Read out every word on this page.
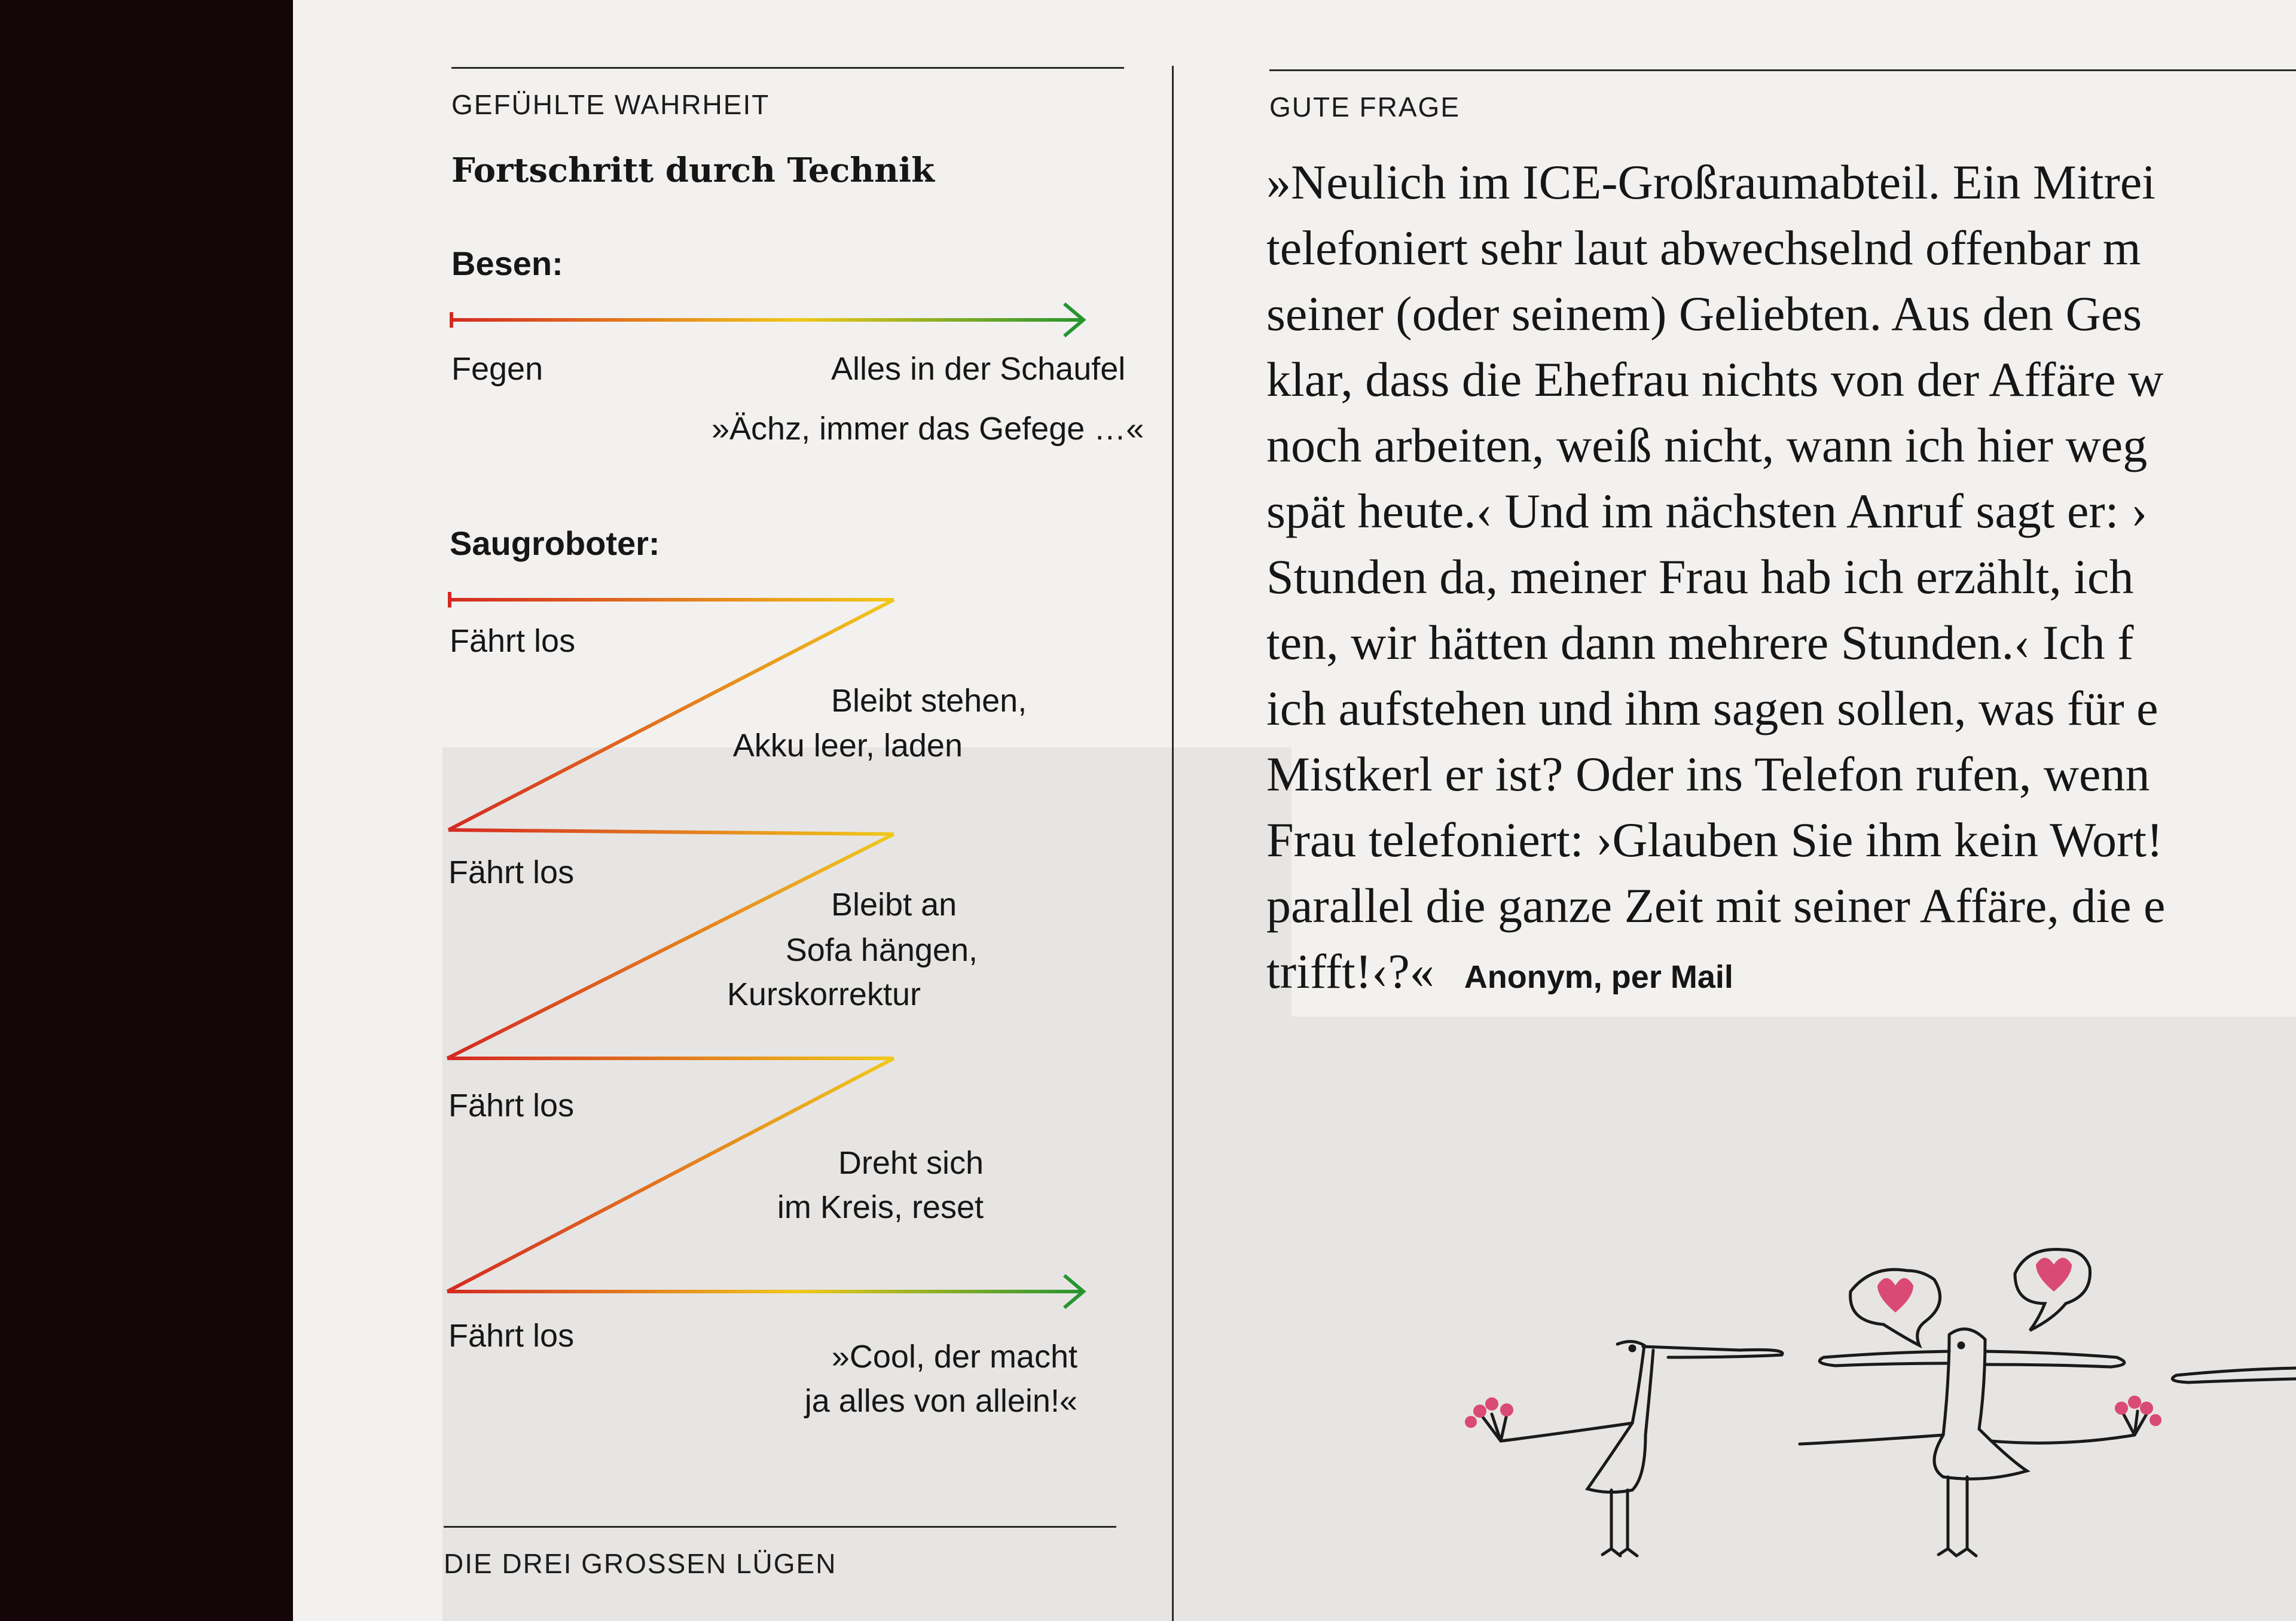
GEFÜHLTE WAHRHEIT
Fortschritt durch Technik
Besen:
Fegen	Alles in der Schaufel
»Ächz, immer das Gefege …«
Saugroboter:
Fährt los
Bleibt stehen,
Akku leer, laden
Fährt los
Bleibt an
Sofa hängen,
Kurskorrektur
Fährt los
Dreht sich
im Kreis, reset
Fährt los
»Cool, der macht
ja alles von allein!«
DIE DREI GROSSEN LÜGEN
GUTE FRAGE
»Neulich im ICE-Großraumabteil. Ein Mitrei
telefoniert sehr laut abwechselnd offenbar m
seiner (oder seinem) Geliebten. Aus den Ges
klar, dass die Ehefrau nichts von der Affäre w
noch arbeiten, weiß nicht, wann ich hier weg
spät heute.‹ Und im nächsten Anruf sagt er: ›
Stunden da, meiner Frau hab ich erzählt, ich
ten, wir hätten dann mehrere Stunden.‹ Ich f
ich aufstehen und ihm sagen sollen, was für e
Mistkerl er ist? Oder ins Telefon rufen, wenn
Frau telefoniert: ›Glauben Sie ihm kein Wort!
parallel die ganze Zeit mit seiner Affäre, die e
trifft!‹?« Anonym, per Mail
